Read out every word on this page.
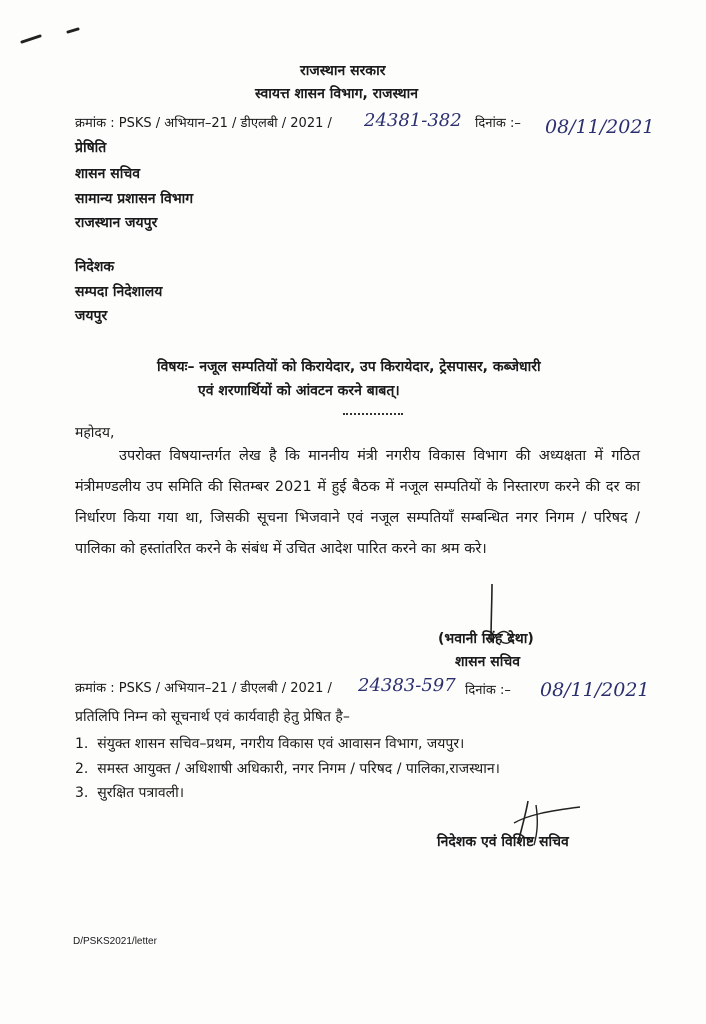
राजस्थान सरकार
स्वायत्त शासन विभाग, राजस्थान
क्रमांक : PSKS / अभियान–21 / डीएलबी / 2021 / 24381-382 दिनांक :– 08/11/2021
प्रेषिति
शासन सचिव
सामान्य प्रशासन विभाग
राजस्थान जयपुर
निदेशक
सम्पदा निदेशालय
जयपुर
विषयः– नजूल सम्पतियों को किरायेदार, उप किरायेदार, ट्रेसपासर, कब्जेधारी
एवं शरणार्थियों को आंवटन करने बाबत्।
महोदय,
उपरोक्त विषयान्तर्गत लेख है कि माननीय मंत्री नगरीय विकास विभाग की अध्यक्षता में गठित मंत्रीमण्डलीय उप समिति की सितम्बर 2021 में हुई बैठक में नजूल सम्पतियों के निस्तारण करने की दर का निर्धारण किया गया था, जिसकी सूचना भिजवाने एवं नजूल सम्पतियाँ सम्बन्धित नगर निगम / परिषद / पालिका को हस्तांतरित करने के संबंध में उचित आदेश पारित करने का श्रम करे।
(भवानी सिंह देथा)
शासन सचिव
क्रमांक : PSKS / अभियान–21 / डीएलबी / 2021 / 24383-597 दिनांक :– 08/11/2021
प्रतिलिपि निम्न को सूचनार्थ एवं कार्यवाही हेतु प्रेषित है–
1. संयुक्त शासन सचिव–प्रथम, नगरीय विकास एवं आवासन विभाग, जयपुर।
2. समस्त आयुक्त / अधिशाषी अधिकारी, नगर निगम / परिषद / पालिका,राजस्थान।
3. सुरक्षित पत्रावली।
निदेशक एवं विशिष्ट सचिव
D/PSKS2021/letter
